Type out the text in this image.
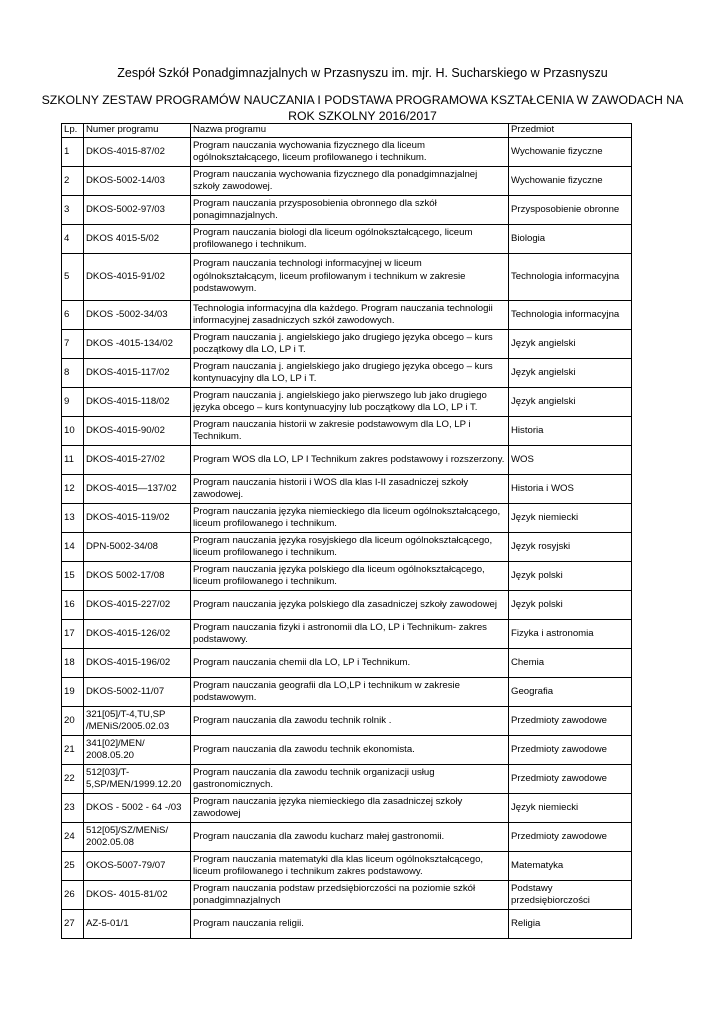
Zespół Szkół Ponadgimnazjalnych w Przasnyszu im. mjr. H. Sucharskiego w Przasnyszu
SZKOLNY ZESTAW PROGRAMÓW NAUCZANIA I PODSTAWA PROGRAMOWA KSZTAŁCENIA W ZAWODACH NA ROK SZKOLNY 2016/2017
Lp.	Numer programu	Nazwa programu	Przedmiot
1	DKOS-4015-87/02	Program nauczania wychowania fizycznego dla liceum ogólnokształcącego, liceum profilowanego i technikum.	Wychowanie fizyczne
2	DKOS-5002-14/03	Program nauczania wychowania fizycznego dla ponadgimnazjalnej szkoły zawodowej.	Wychowanie fizyczne
3	DKOS-5002-97/03	Program nauczania przysposobienia obronnego dla szkół ponagimnazjalnych.	Przysposobienie obronne
4	DKOS 4015-5/02	Program nauczania biologi dla liceum ogólnokształcącego, liceum profilowanego i technikum.	Biologia
5	DKOS-4015-91/02	Program nauczania technologi informacyjnej w liceum ogólnokształcącym, liceum profilowanym i technikum w zakresie podstawowym.	Technologia informacyjna
6	DKOS -5002-34/03	Technologia informacyjna dla każdego. Program nauczania technologii informacyjnej zasadniczych szkół zawodowych.	Technologia informacyjna
7	DKOS -4015-134/02	Program nauczania j. angielskiego jako drugiego języka obcego – kurs początkowy dla LO, LP i T.	Język angielski
8	DKOS-4015-117/02	Program nauczania j. angielskiego jako drugiego języka obcego – kurs kontynuacyjny dla LO, LP i T.	Język angielski
9	DKOS-4015-118/02	Program nauczania j. angielskiego jako pierwszego lub jako drugiego języka obcego – kurs kontynuacyjny lub początkowy dla LO, LP i T.	Język angielski
10	DKOS-4015-90/02	Program nauczania historii w zakresie podstawowym dla LO, LP i Technikum.	Historia
11	DKOS-4015-27/02	Program WOS dla LO, LP I Technikum zakres podstawowy i rozszerzony.	WOS
12	DKOS-4015—137/02	Program nauczania historii i WOS dla klas I-II zasadniczej szkoły zawodowej.	Historia i WOS
13	DKOS-4015-119/02	Program nauczania języka niemieckiego dla liceum ogólnokształcącego, liceum profilowanego i technikum.	Język niemiecki
14	DPN-5002-34/08	Program nauczania języka rosyjskiego dla liceum ogólnokształcącego, liceum profilowanego i technikum.	Język rosyjski
15	DKOS 5002-17/08	Program nauczania języka polskiego dla liceum ogólnokształcącego, liceum profilowanego i technikum.	Język polski
16	DKOS-4015-227/02	Program nauczania języka polskiego dla zasadniczej szkoły zawodowej	Język polski
17	DKOS-4015-126/02	Program nauczania fizyki i astronomii dla LO, LP i Technikum- zakres podstawowy.	Fizyka i astronomia
18	DKOS-4015-196/02	Program nauczania chemii dla LO, LP i Technikum.	Chemia
19	DKOS-5002-11/07	Program nauczania geografii dla LO,LP i technikum w zakresie podstawowym.	Geografia
20	321[05]/T-4,TU,SP /MENiS/2005.02.03	Program nauczania dla zawodu technik rolnik .	Przedmioty zawodowe
21	341[02]/MEN/ 2008.05.20	Program nauczania dla zawodu technik ekonomista.	Przedmioty zawodowe
22	512[03]/T- 5,SP/MEN/1999.12.20	Program nauczania dla zawodu technik organizacji usług gastronomicznych.	Przedmioty zawodowe
23	DKOS - 5002 - 64 -/03	Program nauczania języka niemieckiego dla zasadniczej szkoły zawodowej	Język niemiecki
24	512[05]/SZ/MENiS/ 2002.05.08	Program nauczania dla zawodu kucharz małej gastronomii.	Przedmioty zawodowe
25	OKOS-5007-79/07	Program nauczania matematyki dla klas liceum ogólnokształcącego, liceum profilowanego i technikum zakres podstawowy.	Matematyka
26	DKOS- 4015-81/02	Program nauczania podstaw przedsiębiorczości na poziomie szkół ponadgimnazjalnych	Podstawy przedsiębiorczości
27	AZ-5-01/1	Program nauczania religii.	Religia
